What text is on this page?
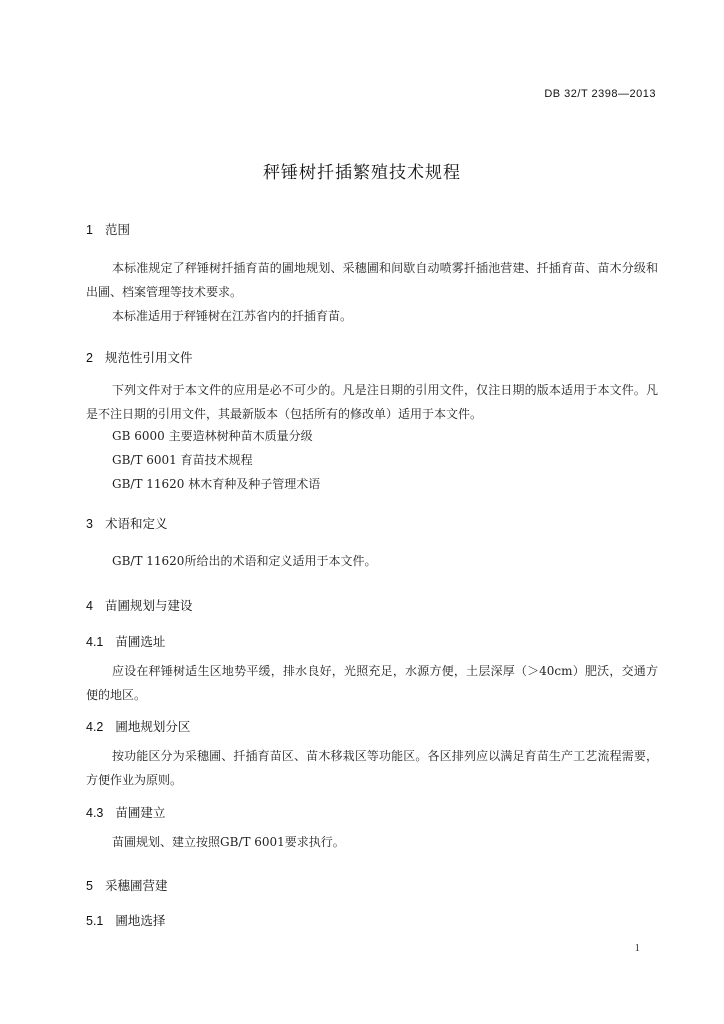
DB 32/T 2398—2013
秤锤树扦插繁殖技术规程
1 范围

本标准规定了秤锤树扦插育苗的圃地规划、采穗圃和间歇自动喷雾扦插池营建、扦插育苗、苗木分级和出圃、档案管理等技术要求。

本标准适用于秤锤树在江苏省内的扦插育苗。

2 规范性引用文件

下列文件对于本文件的应用是必不可少的。凡是注日期的引用文件，仅注日期的版本适用于本文件。凡是不注日期的引用文件，其最新版本（包括所有的修改单）适用于本文件。

GB 6000 主要造林树种苗木质量分级
GB/T 6001 育苗技术规程
GB/T 11620 林木育种及种子管理术语
3 术语和定义

GB/T 11620所给出的术语和定义适用于本文件。

4 苗圃规划与建设
4.1 苗圃选址

应设在秤锤树适生区地势平缓，排水良好，光照充足，水源方便，土层深厚（＞40cm）肥沃，交通方便的地区。

4.2 圃地规划分区

按功能区分为采穗圃、扦插育苗区、苗木移栽区等功能区。各区排列应以满足育苗生产工艺流程需要，方便作业为原则。

4.3 苗圃建立

苗圃规划、建立按照GB/T 6001要求执行。

5 采穗圃营建
5.1 圃地选择
1
